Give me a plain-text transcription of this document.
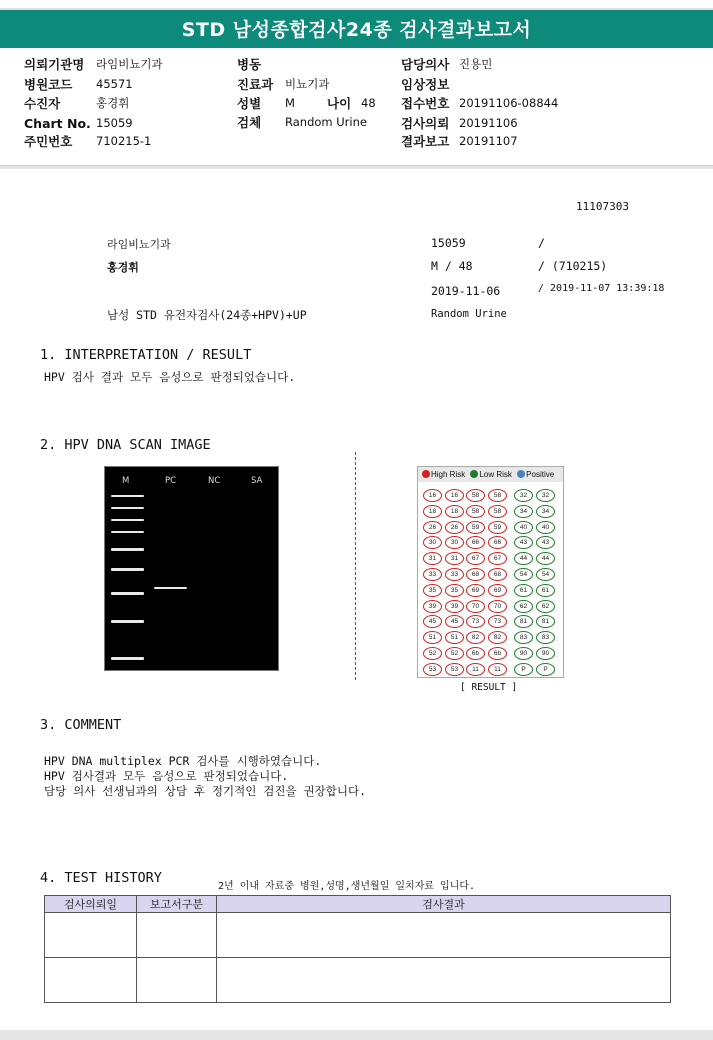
STD 남성종합검사24종 검사결과보고서
의뢰기관명 라임비뇨기과
병원코드 45571
수진자	홍경휘
Chart No. 15059
주민번호 710215-1
병동
진료과 비뇨기과
성별 M	나이 48
검체 Random Urine
담당의사 진용민
임상정보
접수번호 20191106-08844
검사의뢰 20191106
결과보고 20191107
11107303
라임비뇨기과	15059	/
홍경휘	M / 48	/ (710215)
2019-11-06	/ 2019-11-07 13:39:18
남성 STD 유전자검사(24종+HPV)+UP	Random Urine
1. INTERPRETATION / RESULT
HPV 검사 결과 모두 음성으로 판정되었습니다.
2. HPV DNA SCAN IMAGE
M	PC	NC	SA
High Risk Low Risk Positive
16	16	58	58	32	32
18	18	58	58	34	34
26	26	59	59	40	40
30	30	66	66	43	43
31	31	67	67	44	44
33	33	68	68	54	54
35	35	69	69	61	61
39	39	70	70	62	62
45	45	73	73	81	81
51	51	82	82	83	83
52	52	6b	6b	90	90
53	53	11	11	P	P
[ RESULT ]
3. COMMENT
HPV DNA multiplex PCR 검사를 시행하였습니다.
HPV 검사결과 모두 음성으로 판정되었습니다.
담당 의사 선생님과의 상담 후 정기적인 검진을 권장합니다.
4. TEST HISTORY
2년 이내 자료중 병원,성명,생년월일 일치자료 입니다.
검사의뢰일	보고서구분	검사결과
